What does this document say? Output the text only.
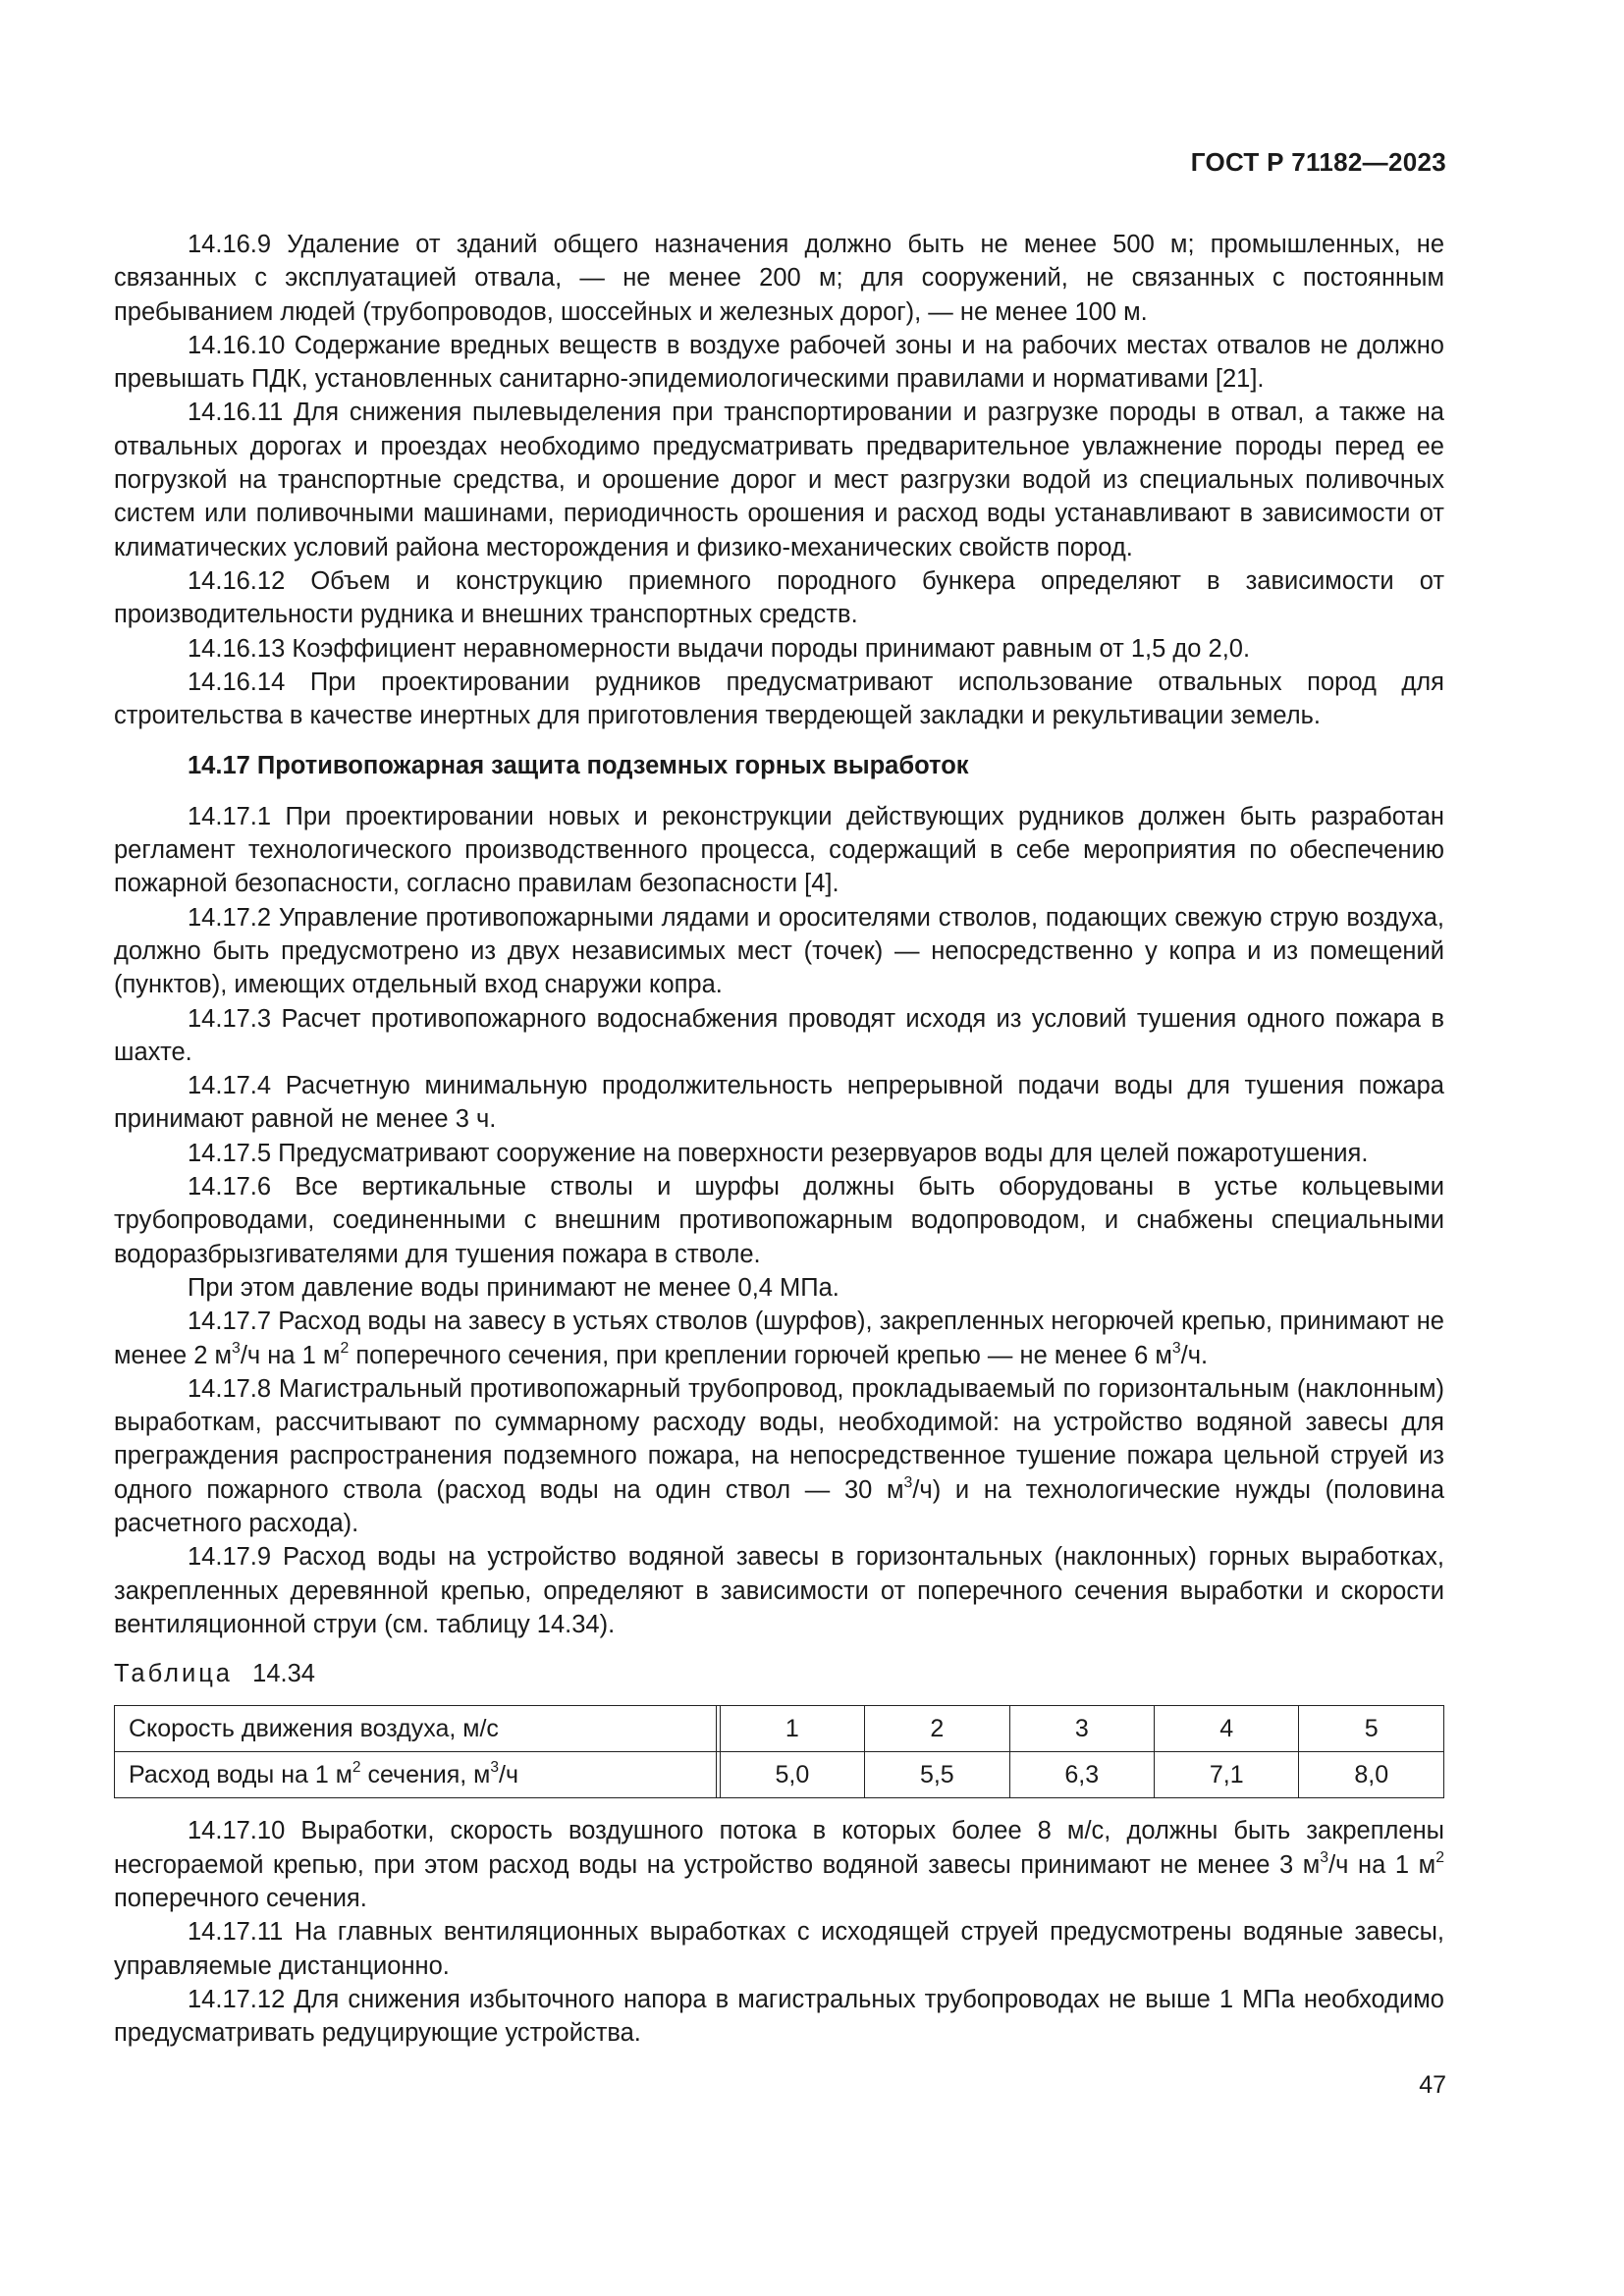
ГОСТ Р 71182—2023

14.16.9 Удаление от зданий общего назначения должно быть не менее 500 м; промышленных, не связанных с эксплуатацией отвала, — не менее 200 м; для сооружений, не связанных с постоянным пребыванием людей (трубопроводов, шоссейных и железных дорог), — не менее 100 м.

14.16.10 Содержание вредных веществ в воздухе рабочей зоны и на рабочих местах отвалов не должно превышать ПДК, установленных санитарно-эпидемиологическими правилами и нормативами [21].

14.16.11 Для снижения пылевыделения при транспортировании и разгрузке породы в отвал, а также на отвальных дорогах и проездах необходимо предусматривать предварительное увлажнение породы перед ее погрузкой на транспортные средства, и орошение дорог и мест разгрузки водой из специальных поливочных систем или поливочными машинами, периодичность орошения и расход воды устанавливают в зависимости от климатических условий района месторождения и физико-механических свойств пород.

14.16.12 Объем и конструкцию приемного породного бункера определяют в зависимости от производительности рудника и внешних транспортных средств.

14.16.13 Коэффициент неравномерности выдачи породы принимают равным от 1,5 до 2,0.

14.16.14 При проектировании рудников предусматривают использование отвальных пород для строительства в качестве инертных для приготовления твердеющей закладки и рекультивации земель.

14.17 Противопожарная защита подземных горных выработок

14.17.1 При проектировании новых и реконструкции действующих рудников должен быть разработан регламент технологического производственного процесса, содержащий в себе мероприятия по обеспечению пожарной безопасности, согласно правилам безопасности [4].

14.17.2 Управление противопожарными лядами и оросителями стволов, подающих свежую струю воздуха, должно быть предусмотрено из двух независимых мест (точек) — непосредственно у копра и из помещений (пунктов), имеющих отдельный вход снаружи копра.

14.17.3 Расчет противопожарного водоснабжения проводят исходя из условий тушения одного пожара в шахте.

14.17.4 Расчетную минимальную продолжительность непрерывной подачи воды для тушения пожара принимают равной не менее 3 ч.

14.17.5 Предусматривают сооружение на поверхности резервуаров воды для целей пожаротушения.

14.17.6 Все вертикальные стволы и шурфы должны быть оборудованы в устье кольцевыми трубопроводами, соединенными с внешним противопожарным водопроводом, и снабжены специальными водоразбрызгивателями для тушения пожара в стволе.

При этом давление воды принимают не менее 0,4 МПа.

14.17.7 Расход воды на завесу в устьях стволов (шурфов), закрепленных негорючей крепью, принимают не менее 2 $м^3/ч$ на 1 $м^2$ поперечного сечения, при креплении горючей крепью — не менее 6 $м^3/ч$.

14.17.8 Магистральный противопожарный трубопровод, прокладываемый по горизонтальным (наклонным) выработкам, рассчитывают по суммарному расходу воды, необходимой: на устройство водяной завесы для преграждения распространения подземного пожара, на непосредственное тушение пожара цельной струей из одного пожарного ствола (расход воды на один ствол — 30 $м^3/ч$) и на технологические нужды (половина расчетного расхода).

14.17.9 Расход воды на устройство водяной завесы в горизонтальных (наклонных) горных выработках, закрепленных деревянной крепью, определяют в зависимости от поперечного сечения выработки и скорости вентиляционной струи (см. таблицу 14.34).

Таблица 14.34

Скорость движения воздуха, м/с		1	2	3	4	5
Расход воды на 1 $м^2$ сечения, $м^3/ч$		5,0	5,5	6,3	7,1	8,0

14.17.10 Выработки, скорость воздушного потока в которых более 8 м/с, должны быть закреплены несгораемой крепью, при этом расход воды на устройство водяной завесы принимают не менее 3 $м^3/ч$ на 1 $м^2$ поперечного сечения.

14.17.11 На главных вентиляционных выработках с исходящей струей предусмотрены водяные завесы, управляемые дистанционно.

14.17.12 Для снижения избыточного напора в магистральных трубопроводах не выше 1 МПа необходимо предусматривать редуцирующие устройства.

47
